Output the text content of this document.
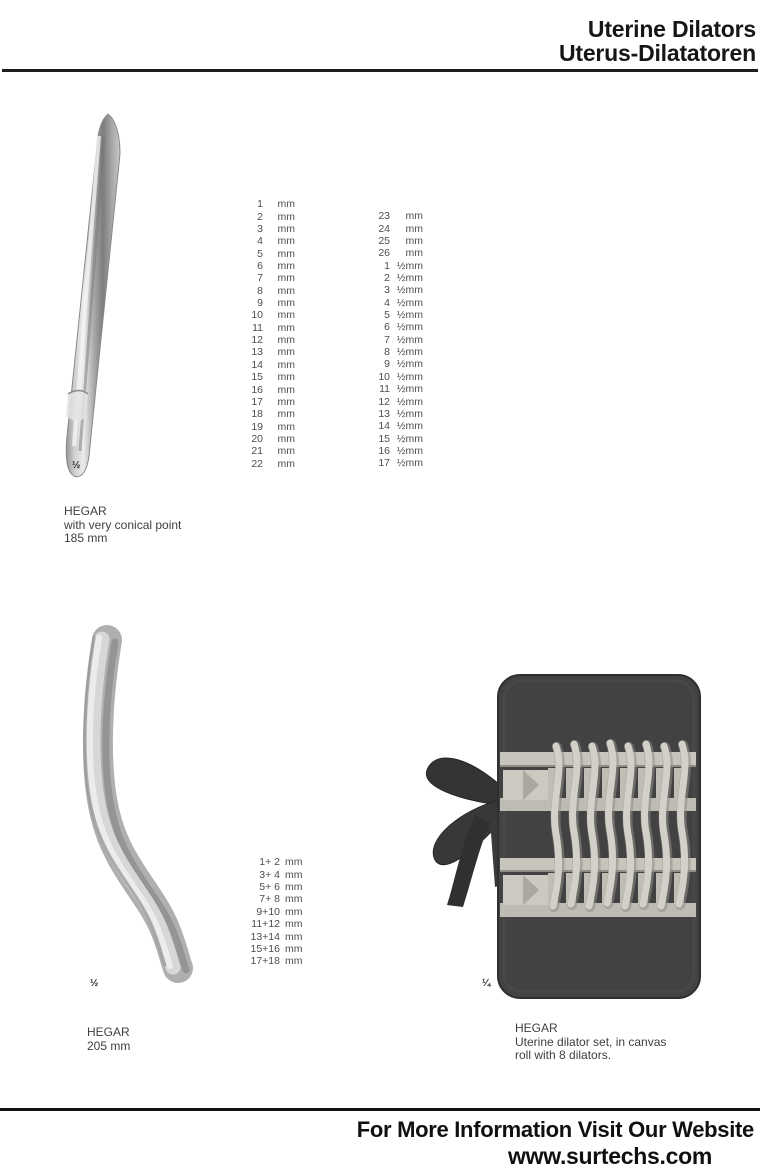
Uterine Dilators
Uterus-Dilatatoren
½
1	mm
2	mm
3	mm
4	mm
5	mm
6	mm
7	mm
8	mm
9	mm
10	mm
11	mm
12	mm
13	mm
14	mm
15	mm
16	mm
17	mm
18	mm
19	mm
20	mm
21	mm
22	mm
23	mm
24	mm
25	mm
26	mm
1 ½mm
2 ½mm
3 ½mm
4 ½mm
5 ½mm
6 ½mm
7 ½mm
8 ½mm
9 ½mm
10 ½mm
11 ½mm
12 ½mm
13 ½mm
14 ½mm
15 ½mm
16 ½mm
17 ½mm
HEGAR
with very conical point
185 mm
½
1+ 2 mm
3+ 4 mm
5+ 6 mm
7+ 8 mm
9+10 mm
11+12 mm
13+14 mm
15+16 mm
17+18 mm
HEGAR
205 mm
¼
HEGAR
Uterine dilator set, in canvas
roll with 8 dilators.
For More Information Visit Our Website
www.surtechs.com
